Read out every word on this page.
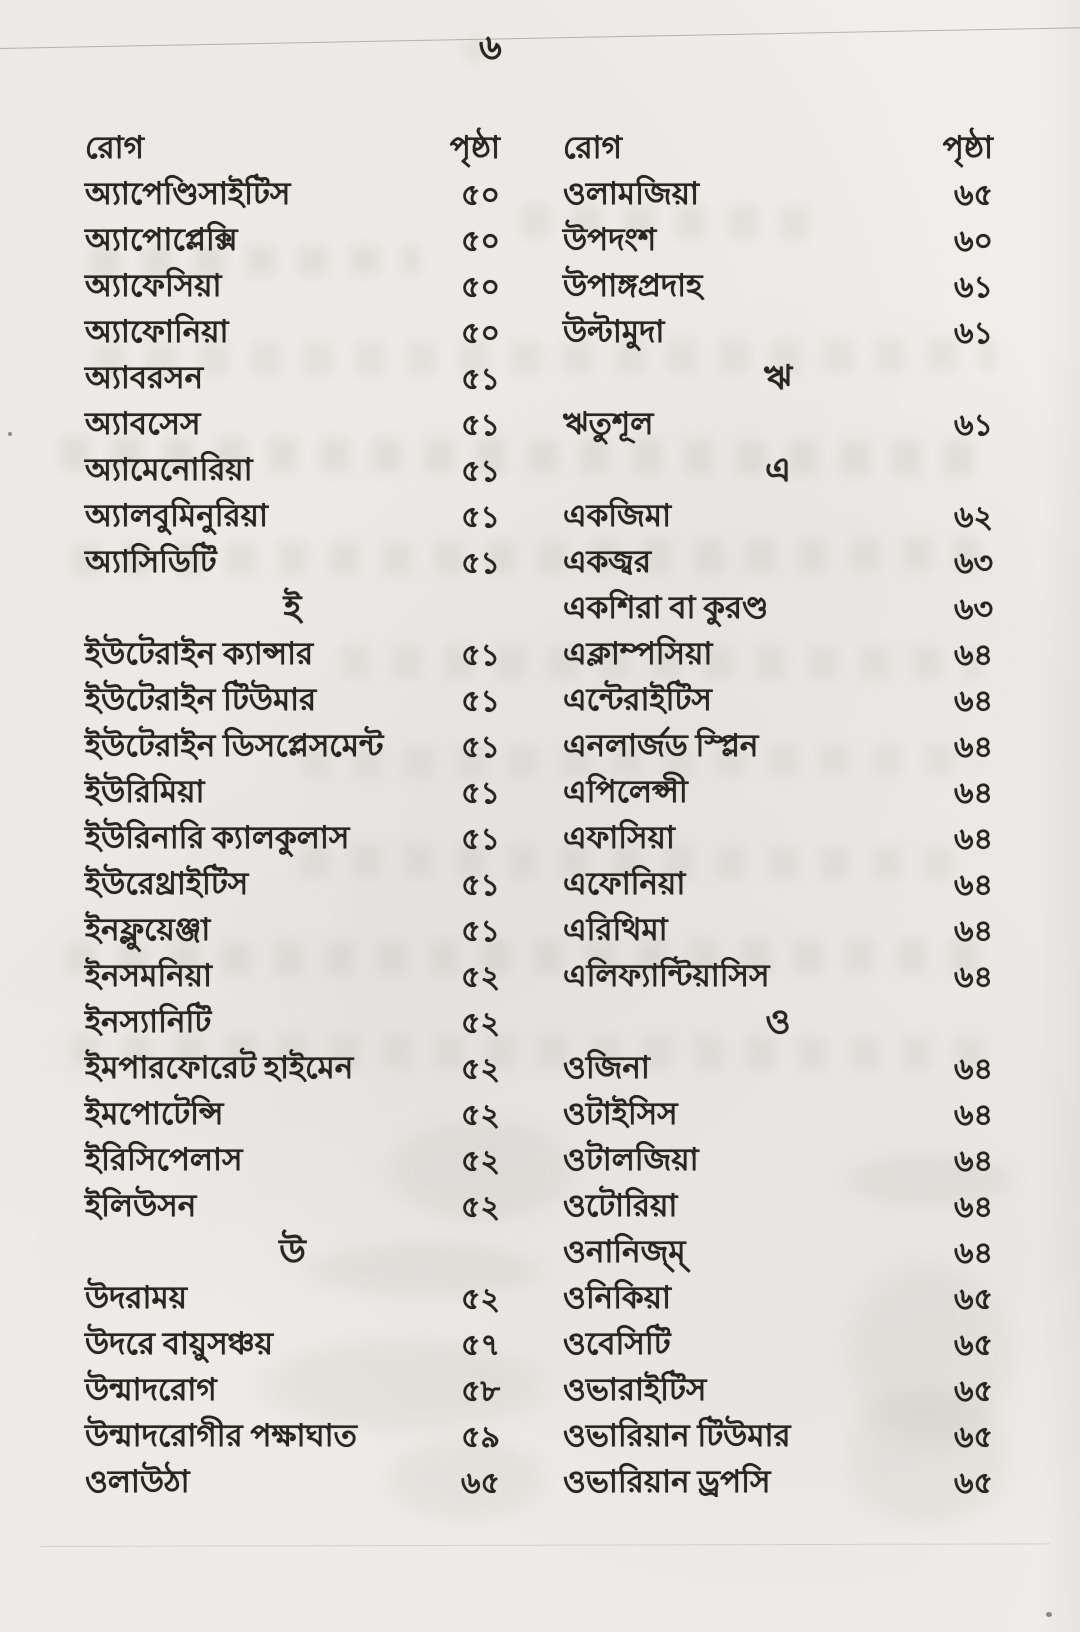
৬
রোগ	পৃষ্ঠা
অ্যাপেণ্ডিসাইটিস	৫০
অ্যাপোপ্লেক্সি	৫০
অ্যাফেসিয়া	৫০
অ্যাফোনিয়া	৫০
অ্যাবরসন	৫১
অ্যাবসেস	৫১
অ্যামেনোরিয়া	৫১
অ্যালবুমিনুরিয়া	৫১
অ্যাসিডিটি	৫১
ই
ইউটেরাইন ক্যান্সার	৫১
ইউটেরাইন টিউমার	৫১
ইউটেরাইন ডিসপ্লেসমেন্ট	৫১
ইউরিমিয়া	৫১
ইউরিনারি ক্যালকুলাস	৫১
ইউরেথ্রাইটিস	৫১
ইনফ্লুয়েঞ্জা	৫১
ইনসমনিয়া	৫২
ইনস্যানিটি	৫২
ইমপারফোরেট হাইমেন	৫২
ইমপোটেন্সি	৫২
ইরিসিপেলাস	৫২
ইলিউসন	৫২
উ
উদরাময়	৫২
উদরে বায়ুসঞ্চয়	৫৭
উন্মাদরোগ	৫৮
উন্মাদরোগীর পক্ষাঘাত	৫৯
ওলাউঠা	৬৫
রোগ	পৃষ্ঠা
ওলামজিয়া	৬৫
উপদংশ	৬০
উপাঙ্গপ্রদাহ	৬১
উল্টামুদা	৬১
ঋ
ঋতুশূল	৬১
এ
একজিমা	৬২
একজ্বর	৬৩
একশিরা বা কুরণ্ড	৬৩
এক্লাম্পসিয়া	৬৪
এন্টেরাইটিস	৬৪
এনলার্জড স্প্লিন	৬৪
এপিলেপ্সী	৬৪
এফাসিয়া	৬৪
এফোনিয়া	৬৪
এরিথিমা	৬৪
এলিফ্যান্টিয়াসিস	৬৪
ও
ওজিনা	৬৪
ওটাইসিস	৬৪
ওটালজিয়া	৬৪
ওটোরিয়া	৬৪
ওনানিজ্‌ম্	৬৪
ওনিকিয়া	৬৫
ওবেসিটি	৬৫
ওভারাইটিস	৬৫
ওভারিয়ান টিউমার	৬৫
ওভারিয়ান ড্রপসি	৬৫
